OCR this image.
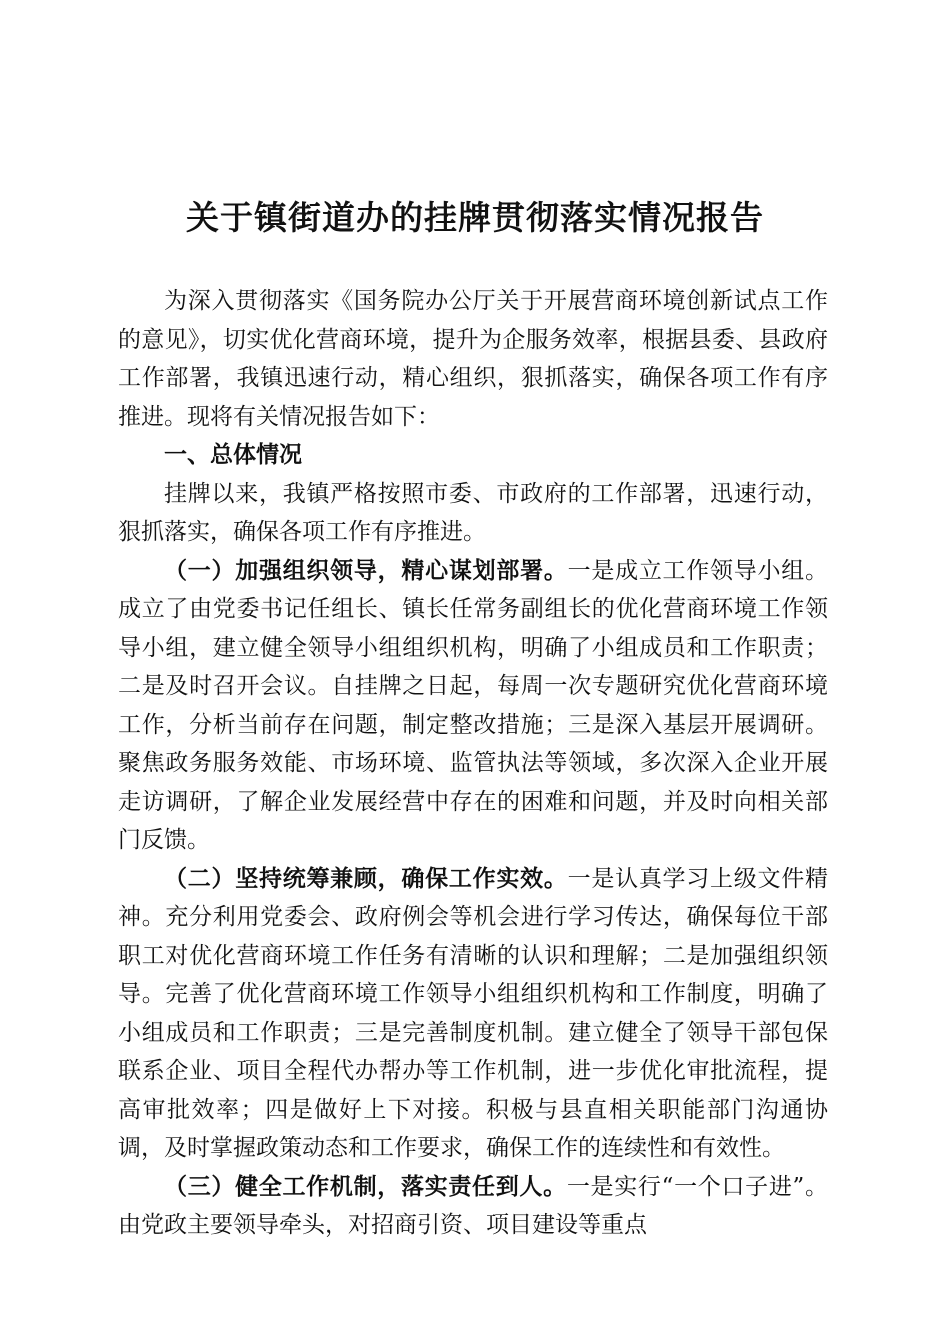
关于镇街道办的挂牌贯彻落实情况报告

为深入贯彻落实《国务院办公厅关于开展营商环境创新试点工作的意见》，切实优化营商环境，提升为企服务效率，根据县委、县政府工作部署，我镇迅速行动，精心组织，狠抓落实，确保各项工作有序推进。现将有关情况报告如下：

一、总体情况

挂牌以来，我镇严格按照市委、市政府的工作部署，迅速行动，狠抓落实，确保各项工作有序推进。

（一）加强组织领导，精心谋划部署。一是成立工作领导小组。成立了由党委书记任组长、镇长任常务副组长的优化营商环境工作领导小组，建立健全领导小组组织机构，明确了小组成员和工作职责；二是及时召开会议。自挂牌之日起，每周一次专题研究优化营商环境工作，分析当前存在问题，制定整改措施；三是深入基层开展调研。聚焦政务服务效能、市场环境、监管执法等领域，多次深入企业开展走访调研，了解企业发展经营中存在的困难和问题，并及时向相关部门反馈。

（二）坚持统筹兼顾，确保工作实效。一是认真学习上级文件精神。充分利用党委会、政府例会等机会进行学习传达，确保每位干部职工对优化营商环境工作任务有清晰的认识和理解；二是加强组织领导。完善了优化营商环境工作领导小组组织机构和工作制度，明确了小组成员和工作职责；三是完善制度机制。建立健全了领导干部包保联系企业、项目全程代办帮办等工作机制，进一步优化审批流程，提高审批效率；四是做好上下对接。积极与县直相关职能部门沟通协调，及时掌握政策动态和工作要求，确保工作的连续性和有效性。

（三）健全工作机制，落实责任到人。一是实行“一个口子进”。由党政主要领导牵头，对招商引资、项目建设等重点
